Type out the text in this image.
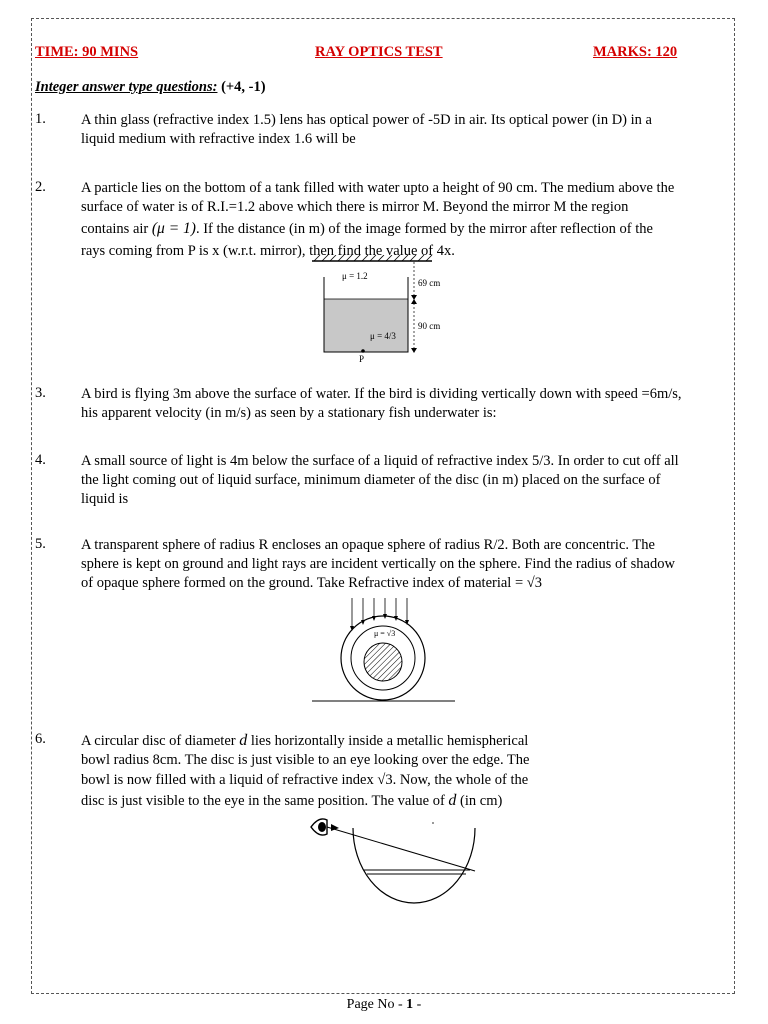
TIME: 90 MINS	RAY OPTICS TEST	MARKS: 120
Integer answer type questions: (+4, -1)
1. A thin glass (refractive index 1.5) lens has optical power of -5D in air. Its optical power (in D) in a
liquid medium with refractive index 1.6 will be
2. A particle lies on the bottom of a tank filled with water upto a height of 90 cm. The medium above the
surface of water is of R.I.=1.2 above which there is mirror M. Beyond the mirror M the region
contains air (μ = 1). If the distance (in m) of the image formed by the mirror after reflection of the
rays coming from P is x (w.r.t. mirror), then find the value of 4x.
μ = 1.2
μ = 4/3
69 cm
90 cm
P
3. A bird is flying 3m above the surface of water. If the bird is dividing vertically down with speed =6m/s,
his apparent velocity (in m/s) as seen by a stationary fish underwater is:
4. A small source of light is 4m below the surface of a liquid of refractive index 5/3. In order to cut off all
the light coming out of liquid surface, minimum diameter of the disc (in m) placed on the surface of
liquid is
5. A transparent sphere of radius R encloses an opaque sphere of radius R/2. Both are concentric. The
sphere is kept on ground and light rays are incident vertically on the sphere. Find the radius of shadow
of opaque sphere formed on the ground. Take Refractive index of material = √3
μ = √3
6. A circular disc of diameter d lies horizontally inside a metallic hemispherical
bowl radius 8cm. The disc is just visible to an eye looking over the edge. The
bowl is now filled with a liquid of refractive index √3. Now, the whole of the
disc is just visible to the eye in the same position. The value of d (in cm)
Page No - 1 -
